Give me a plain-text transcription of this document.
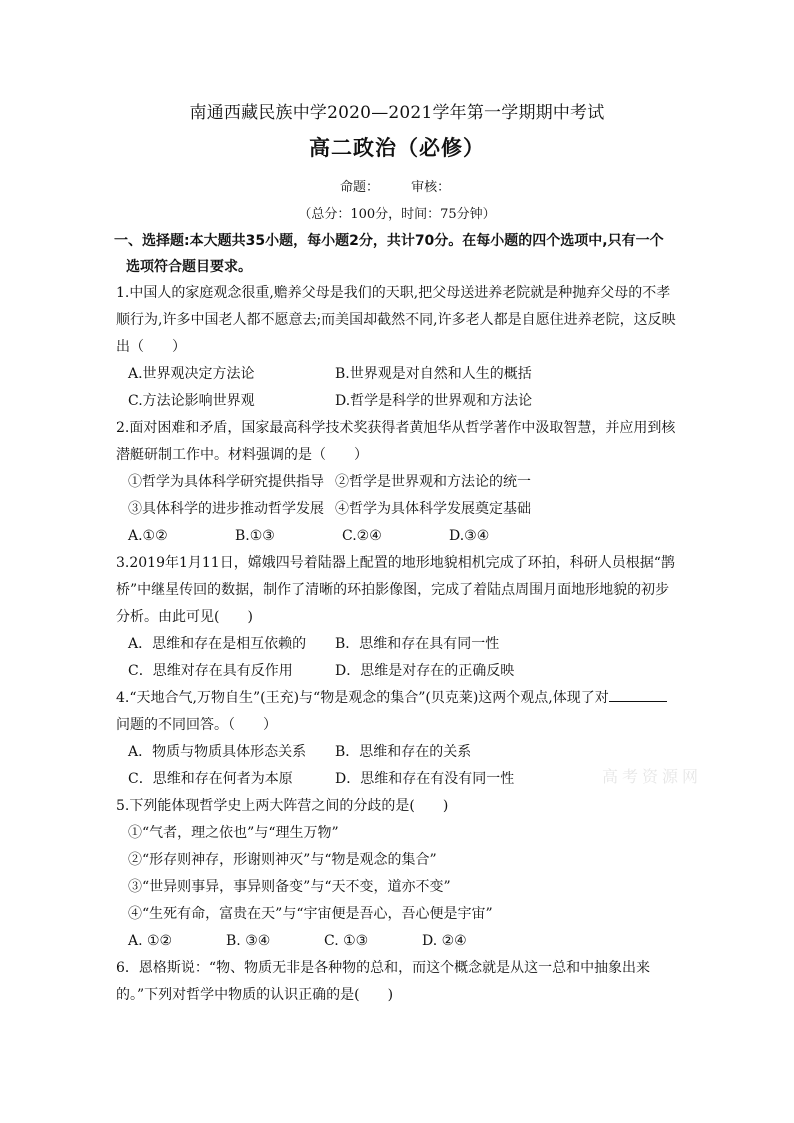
南通西藏民族中学2020—2021学年第一学期期中考试
高二政治（必修）
命题： 审核：
（总分：100分，时间：75分钟）
一、选择题:本大题共35小题，每小题2分，共计70分。在每小题的四个选项中,只有一个
选项符合题目要求。
1.中国人的家庭观念很重,赡养父母是我们的天职,把父母送进养老院就是种抛弃父母的不孝
顺行为,许多中国老人都不愿意去;而美国却截然不同,许多老人都是自愿住进养老院，这反映
出（　　）
A.世界观决定方法论	B.世界观是对自然和人生的概括
C.方法论影响世界观	D.哲学是科学的世界观和方法论
2.面对困难和矛盾，国家最高科学技术奖获得者黄旭华从哲学著作中汲取智慧，并应用到核
潜艇研制工作中。材料强调的是（　　）
①哲学为具体科学研究提供指导 ②哲学是世界观和方法论的统一
③具体科学的进步推动哲学发展 ④哲学为具体科学发展奠定基础
A.①②	B.①③	C.②④	D.③④
3.2019年1月11日，嫦娥四号着陆器上配置的地形地貌相机完成了环拍，科研人员根据“鹊
桥”中继星传回的数据，制作了清晰的环拍影像图，完成了着陆点周围月面地形地貌的初步
分析。由此可见(　　)
A．思维和存在是相互依赖的	B．思维和存在具有同一性
C．思维对存在具有反作用	D．思维是对存在的正确反映
4.“天地合气,万物自生”(王充)与“物是观念的集合”(贝克莱)这两个观点,体现了对
问题的不同回答。（　　）
A．物质与物质具体形态关系	B．思维和存在的关系
C．思维和存在何者为本原	D．思维和存在有没有同一性
5.下列能体现哲学史上两大阵营之间的分歧的是(　　)
①“气者，理之依也”与“理生万物”
②“形存则神存，形谢则神灭”与“物是观念的集合”
③“世异则事异，事异则备变”与“天不变，道亦不变”
④“生死有命，富贵在天”与“宇宙便是吾心，吾心便是宇宙”
A. ①②	B. ③④	C. ①③	D. ②④
6．恩格斯说：“物、物质无非是各种物的总和，而这个概念就是从这一总和中抽象出来
的。”下列对哲学中物质的认识正确的是(　　)
高考资源网
